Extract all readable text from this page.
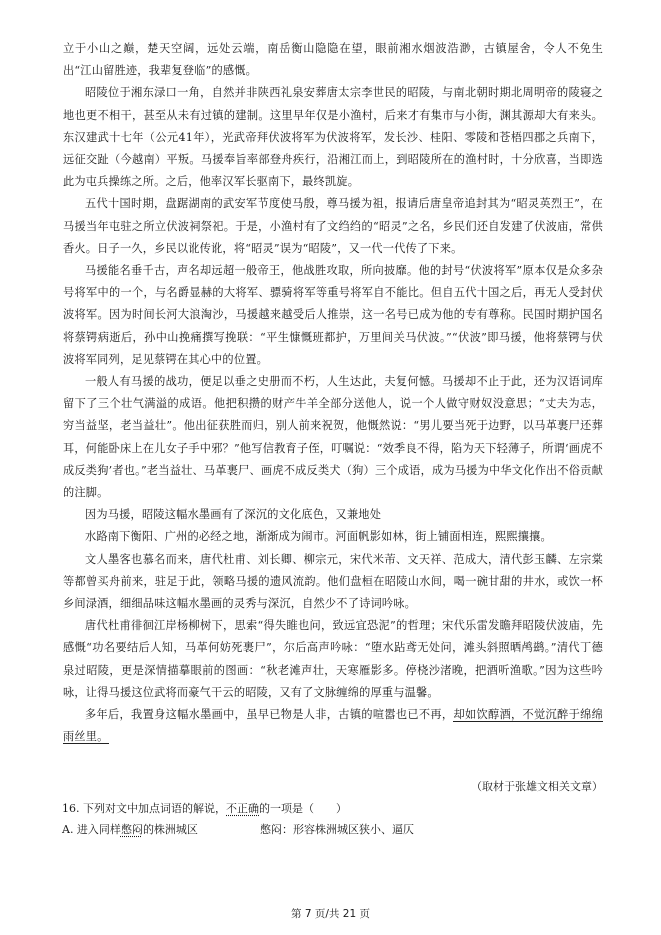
立于小山之巅，楚天空阔，远处云端，南岳衡山隐隐在望，眼前湘水烟波浩渺，古镇屋舍，令人不免生出“江山留胜迹，我辈复登临”的感慨。

昭陵位于湘东渌口一角，自然并非陕西礼泉安葬唐太宗李世民的昭陵，与南北朝时期北周明帝的陵寝之地也更不相干，甚至从未有过镇的建制。这里早年仅是小渔村，后来才有集市与小街，渊其源却大有来头。东汉建武十七年（公元41年），光武帝拜伏波将军为伏波将军，发长沙、桂阳、零陵和苍梧四郡之兵南下，远征交趾（今越南）平叛。马援奉旨率部登舟疾行，沿湘江而上，到昭陵所在的渔村时，十分欣喜，当即选此为屯兵操练之所。之后，他率汉军长驱南下，最终凯旋。

五代十国时期，盘踞湖南的武安军节度使马殷，尊马援为祖，报请后唐皇帝追封其为“昭灵英烈王”，在马援当年屯驻之所立伏波祠祭祀。于是，小渔村有了文绉绉的“昭灵”之名，乡民们还自发建了伏波庙，常供香火。日子一久，乡民以讹传讹，将“昭灵”误为“昭陵”，又一代一代传了下来。

马援能名垂千古，声名却远超一般帝王，他战胜攻取，所向披靡。他的封号“伏波将军”原本仅是众多杂号将军中的一个，与名爵显赫的大将军、骠骑将军等重号将军自不能比。但自五代十国之后，再无人受封伏波将军。因为时间长河大浪淘沙，马援越来越受后人推崇，这一名号已成为他的专有尊称。民国时期护国名将蔡锷病逝后，孙中山挽痛撰写挽联：“平生慷慨班都护，万里间关马伏波。”“伏波”即马援，他将蔡锷与伏波将军同列，足见蔡锷在其心中的位置。

一般人有马援的战功，便足以垂之史册而不朽，人生达此，夫复何憾。马援却不止于此，还为汉语词库留下了三个壮气满溢的成语。他把积攒的财产牛羊全部分送他人，说一个人做守财奴没意思；“丈夫为志，穷当益坚，老当益壮”。他出征获胜而归，别人前来祝贺，他慨然说：“男儿要当死于边野，以马革裹尸还葬耳，何能卧床上在儿女子手中邪？”他写信教育子侄，叮嘱说：“效季良不得，陷为天下轻薄子，所谓‘画虎不成反类狗’者也。”老当益壮、马革裹尸、画虎不成反类犬（狗）三个成语，成为马援为中华文化作出不俗贡献的注脚。

因为马援，昭陵这幅水墨画有了深沉的文化底色，又兼地处

水路南下衡阳、广州的必经之地，渐渐成为闹市。河面帆影如林，街上铺面相连，熙熙攘攘。

文人墨客也慕名而来，唐代杜甫、刘长卿、柳宗元，宋代米芾、文天祥、范成大，清代彭玉麟、左宗棠等都曾买舟前来，驻足于此，领略马援的遗风流韵。他们盘桓在昭陵山水间，喝一碗甘甜的井水，或饮一杯乡间渌酒，细细品味这幅水墨画的灵秀与深沉，自然少不了诗词吟咏。

唐代杜甫徘徊江岸杨柳树下，思索“得失睢也问，致远宜恐泥”的哲理；宋代乐雷发瞻拜昭陵伏波庙，先感慨“功名要结后人知，马革何妨死裹尸”，尔后高声吟咏：“堕水跕鸢无处问，滩头斜照晒鸬鹚。”清代丁德泉过昭陵，更是深情描摹眼前的图画：“秋老滩声壮，天寒雁影多。停桡沙渚晚，把酒听渔歌。”因为这些吟咏，让得马援这位武将而豪气干云的昭陵，又有了文脉缠绵的厚重与温馨。

多年后，我置身这幅水墨画中，虽早已物是人非，古镇的喧嚣也已不再，却如饮醇酒，不觉沉醉于绵绵雨丝里。

（取材于张雄文相关文章）
16. 下列对文中加点词语的解说，不正确的一项是（　　）
A. 进入同样憋闷的株洲城区	憋闷：形容株洲城区狭小、逼仄
第 7 页/共 21 页
